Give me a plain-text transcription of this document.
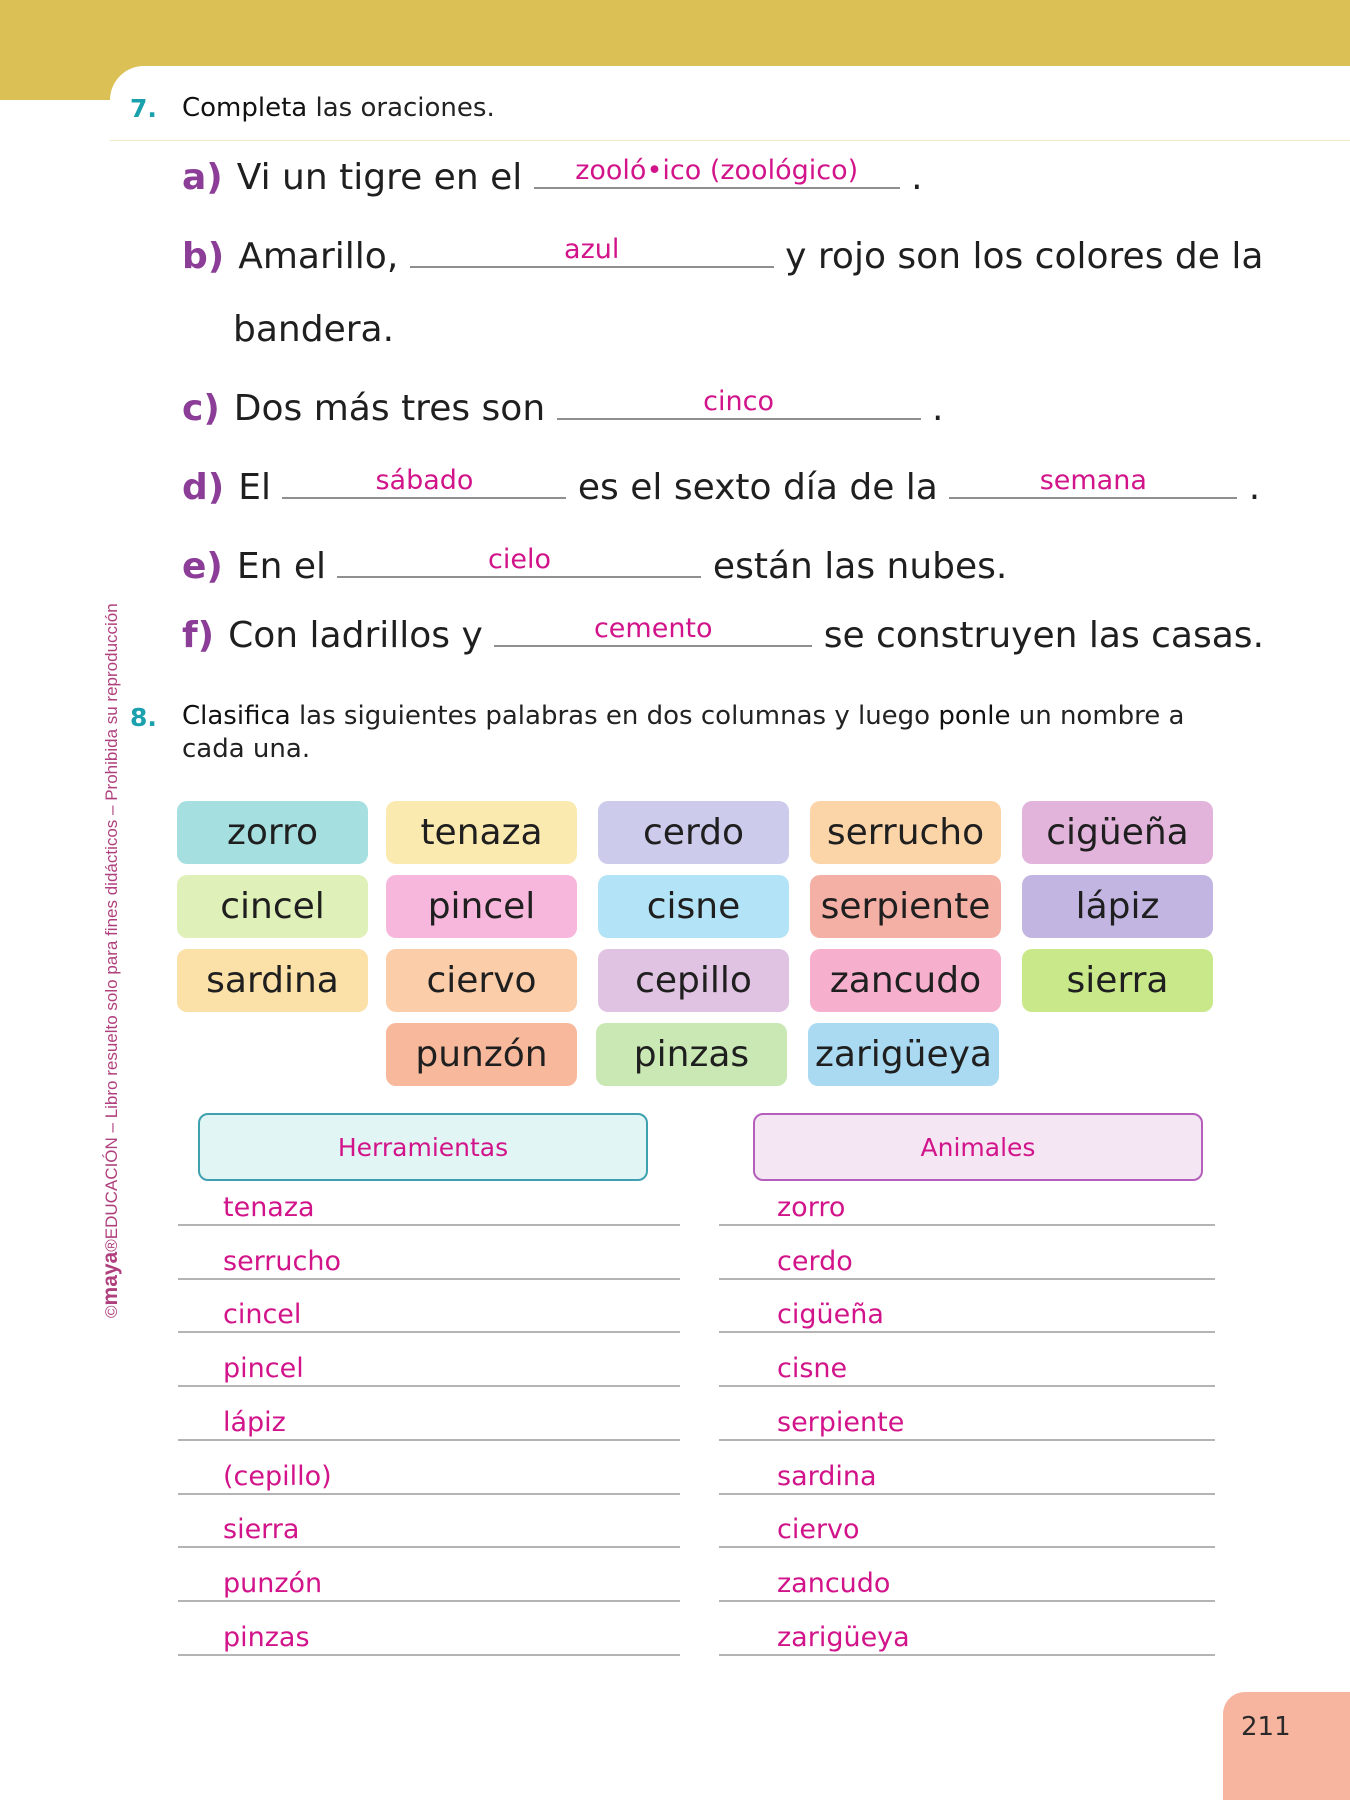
©maya®EDUCACIÓN – Libro resuelto solo para fines didácticos – Prohibida su reproducción
7. Completa las oraciones.
a) Vi un tigre en el	zooló•ico (zoológico)	.
b) Amarillo,	azul	y rojo son los colores de la
bandera.
c) Dos más tres son	cinco	.
d) El	sábado	es el sexto día de la	semana	.
e) En el	cielo	están las nubes.
f) Con ladrillos y	cemento	se construyen las casas.
8. Clasifica las siguientes palabras en dos columnas y luego ponle un nombre a
cada una.
zorro	tenaza	cerdo	serrucho	cigüeña
cincel	pincel	cisne	serpiente	lápiz
sardina	ciervo	cepillo	zancudo	sierra
punzón	pinzas	zarigüeya
Herramientas	Animales
tenaza
serrucho
cincel
pincel
lápiz
(cepillo)
sierra
punzón
pinzas
zorro
cerdo
cigüeña
cisne
serpiente
sardina
ciervo
zancudo
zarigüeya
211
